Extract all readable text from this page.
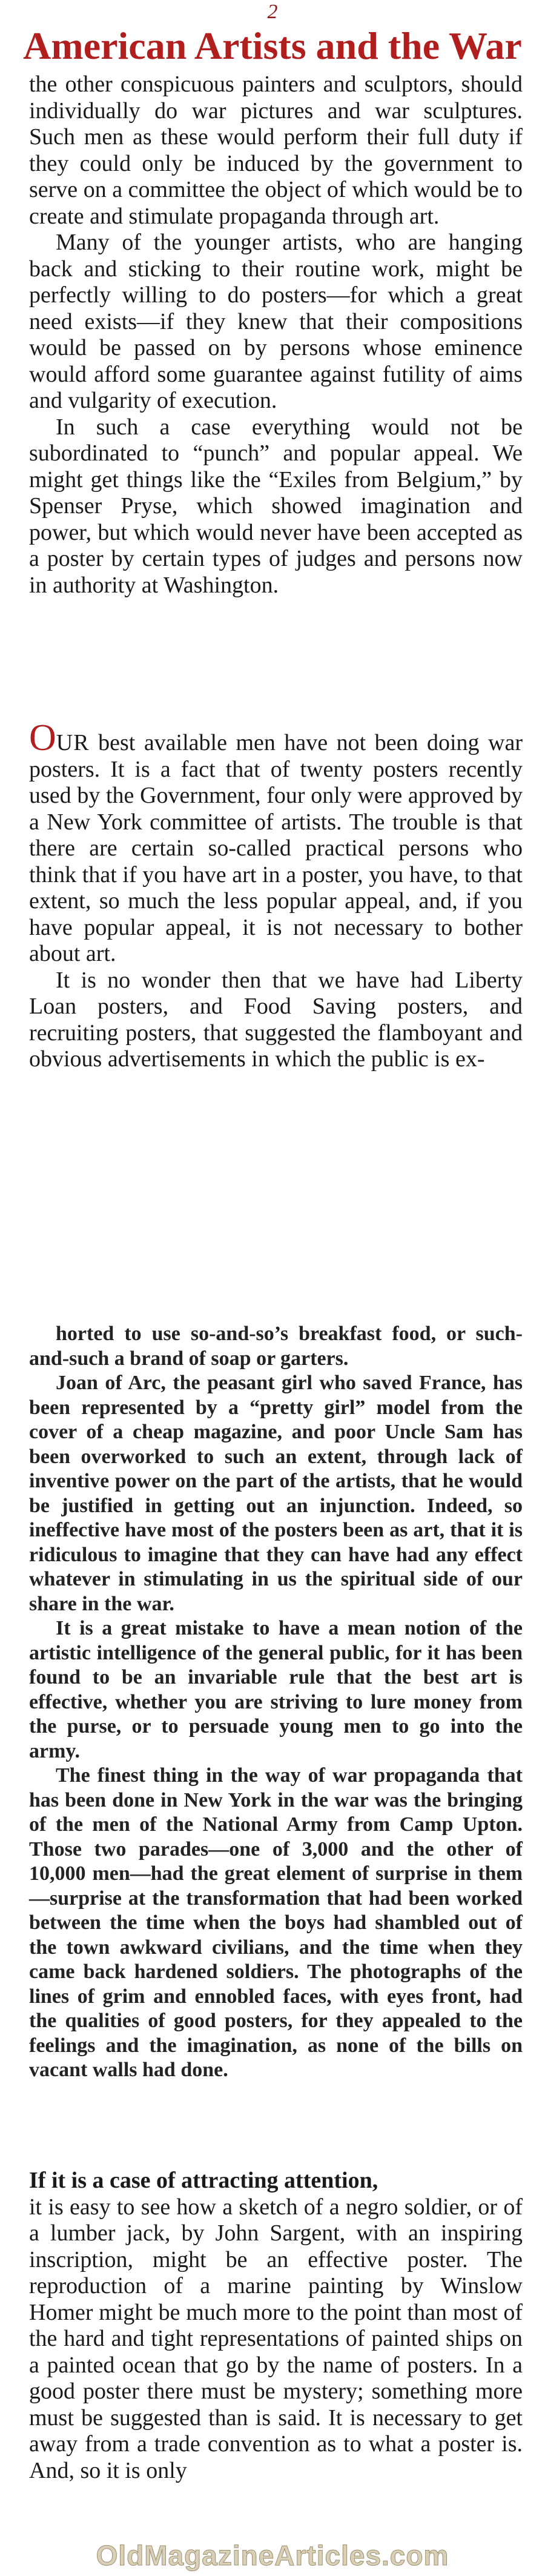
2
American Artists and the War

the other conspicuous painters and sculptors, should individually do war pictures and war sculptures. Such men as these would perform their full duty if they could only be induced by the government to serve on a committee the object of which would be to create and stimulate propaganda through art.

Many of the younger artists, who are hanging back and sticking to their routine work, might be perfectly willing to do posters—for which a great need exists—if they knew that their compositions would be passed on by persons whose eminence would afford some guarantee against futility of aims and vulgarity of execution.

In such a case everything would not be subordinated to “punch” and popular appeal. We might get things like the “Exiles from Belgium,” by Spenser Pryse, which showed imagination and power, but which would never have been accepted as a poster by certain types of judges and persons now in authority at Washington.

OUR best available men have not been doing war posters. It is a fact that of twenty posters recently used by the Government, four only were approved by a New York committee of artists. The trouble is that there are certain so-called practical persons who think that if you have art in a poster, you have, to that extent, so much the less popular appeal, and, if you have popular appeal, it is not necessary to bother about art.

It is no wonder then that we have had Liberty Loan posters, and Food Saving posters, and recruiting posters, that suggested the flamboyant and obvious advertisements in which the public is ex-

horted to use so-and-so’s breakfast food, or such-and-such a brand of soap or garters.

Joan of Arc, the peasant girl who saved France, has been represented by a “pretty girl” model from the cover of a cheap magazine, and poor Uncle Sam has been overworked to such an extent, through lack of inventive power on the part of the artists, that he would be justified in getting out an injunction. Indeed, so ineffective have most of the posters been as art, that it is ridiculous to imagine that they can have had any effect whatever in stimulating in us the spiritual side of our share in the war.

It is a great mistake to have a mean notion of the artistic intelligence of the general public, for it has been found to be an invariable rule that the best art is effective, whether you are striving to lure money from the purse, or to persuade young men to go into the army.

The finest thing in the way of war propaganda that has been done in New York in the war was the bringing of the men of the National Army from Camp Upton. Those two parades—one of 3,000 and the other of 10,000 men—had the great element of surprise in them—surprise at the transformation that had been worked between the time when the boys had shambled out of the town awkward civilians, and the time when they came back hardened soldiers. The photographs of the lines of grim and ennobled faces, with eyes front, had the qualities of good posters, for they appealed to the feelings and the imagination, as none of the bills on vacant walls had done.

If it is a case of attracting attention,

it is easy to see how a sketch of a negro soldier, or of a lumber jack, by John Sargent, with an inspiring inscription, might be an effective poster. The reproduction of a marine painting by Winslow Homer might be much more to the point than most of the hard and tight representations of painted ships on a painted ocean that go by the name of posters. In a good poster there must be mystery; something more must be suggested than is said. It is necessary to get away from a trade convention as to what a poster is. And, so it is only

OldMagazineArticles.com
